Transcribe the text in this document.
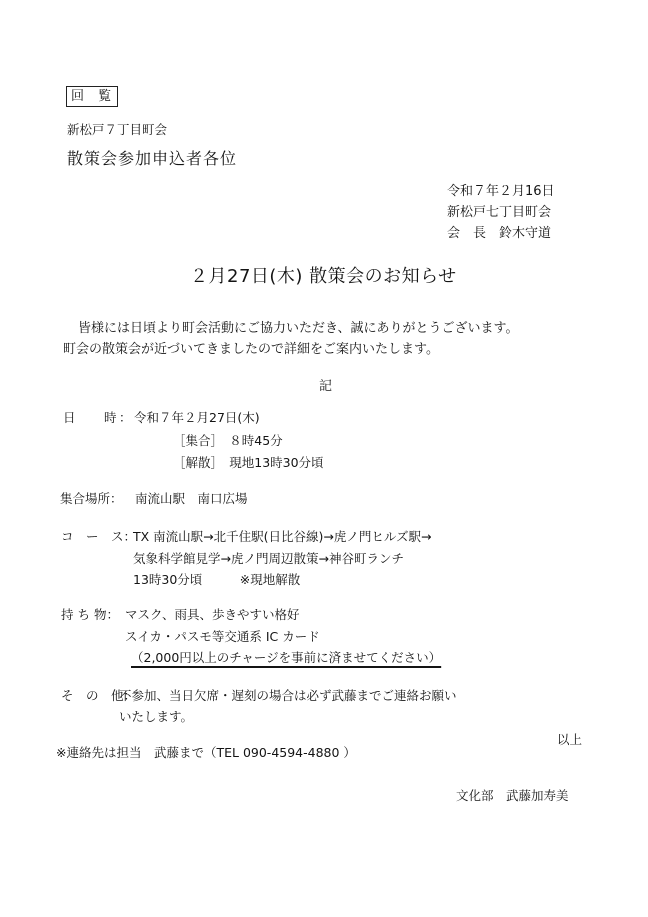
回 覧
新松戸７丁目町会
散策会参加申込者各位
令和７年２月16日
新松戸七丁目町会
会　長　鈴木守道
２月27日(木) 散策会のお知らせ
皆様には日頃より町会活動にご協力いただき、誠にありがとうございます。
町会の散策会が近づいてきましたので詳細をご案内いたします。
記
日 時 ： 令和７年２月27日(木)
［集合］　８時45分
［解散］　現地13時30分頃
集合場所： 南流山駅　南口広場
コ　ー　ス：
TX 南流山駅→北千住駅(日比谷線)→虎ノ門ヒルズ駅→
気象科学館見学→虎ノ門周辺散策→神谷町ランチ
13時30分頃　　　※現地解散
持 ち 物： マスク、雨具、歩きやすい格好
スイカ・パスモ等交通系 IC カード
（2,000円以上のチャージを事前に済ませてください）
そ　の　他：
不参加、当日欠席・遅刻の場合は必ず武藤までご連絡お願い
いたします。
以上
※連絡先は担当　武藤まで（TEL 090-4594-4880 ）
文化部　武藤加寿美
